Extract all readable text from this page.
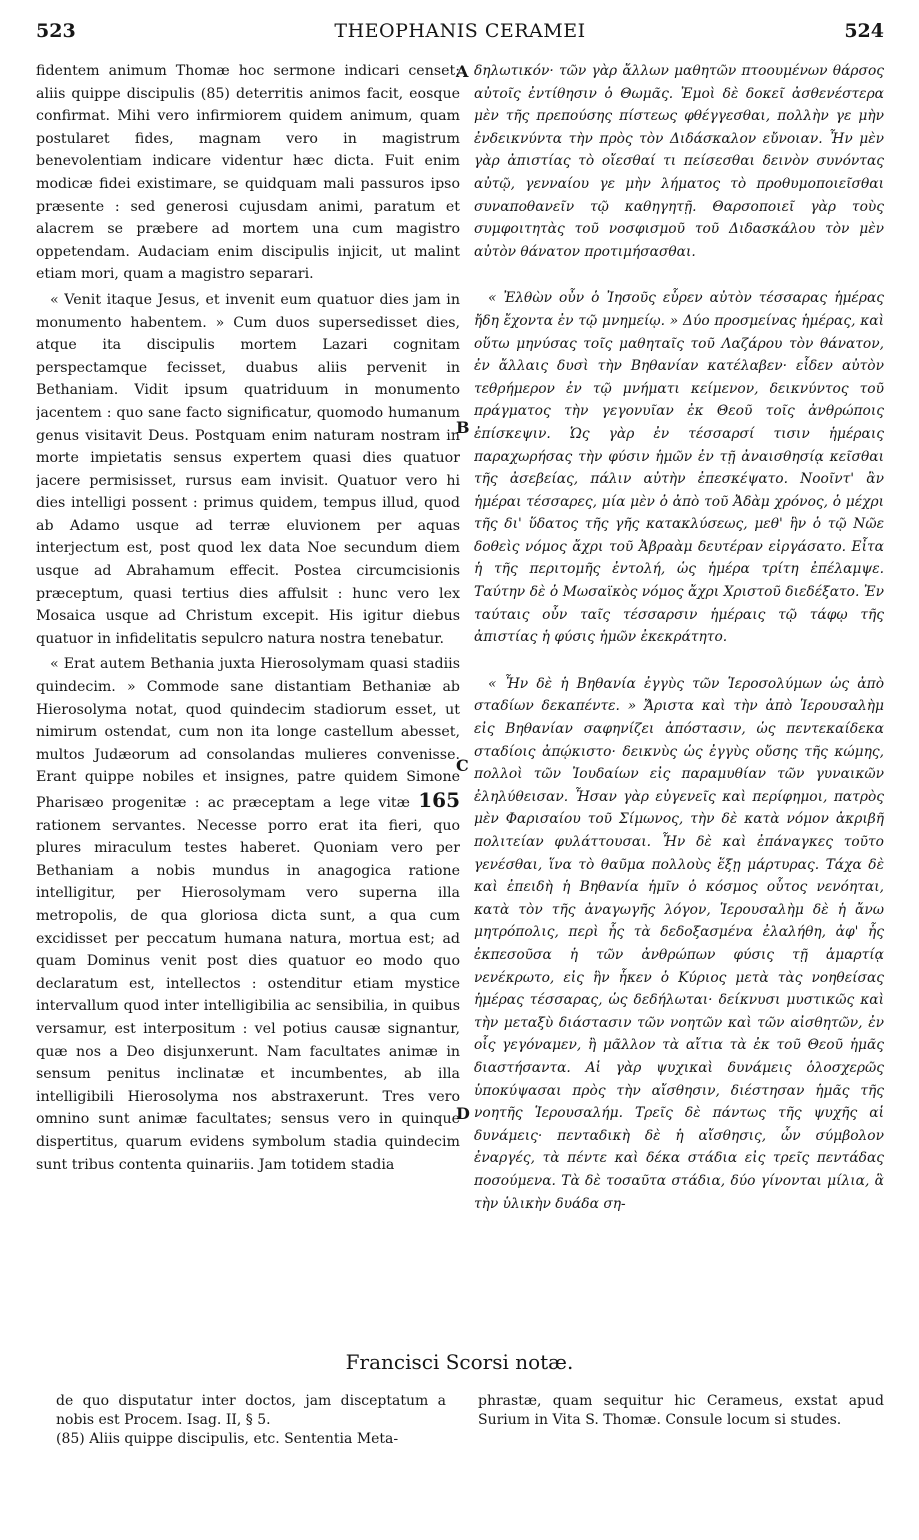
523	THEOPHANIS CERAMEI	524

fidentem animum Thomæ hoc sermone indicari censet; aliis quippe discipulis (85) deterritis animos facit, eosque confirmat. Mihi vero infirmiorem quidem animum, quam postularet fides, magnam vero in magistrum benevolentiam indicare videntur hæc dicta. Fuit enim modicæ fidei existimare, se quidquam mali passuros ipso præsente : sed generosi cujusdam animi, paratum et alacrem se præbere ad mortem una cum magistro oppetendam. Audaciam enim discipulis injicit, ut malint etiam mori, quam a magistro separari.

« Venit itaque Jesus, et invenit eum quatuor dies jam in monumento habentem. » Cum duos supersedisset dies, atque ita discipulis mortem Lazari cognitam perspectamque fecisset, duabus aliis pervenit in Bethaniam. Vidit ipsum quatriduum in monumento jacentem : quo sane facto significatur, quomodo humanum genus visitavit Deus. Postquam enim naturam nostram in morte impietatis sensus expertem quasi dies quatuor jacere permisisset, rursus eam invisit. Quatuor vero hi dies intelligi possent : primus quidem, tempus illud, quod ab Adamo usque ad terræ eluvionem per aquas interjectum est, post quod lex data Noe secundum diem usque ad Abrahamum effecit. Postea circumcisionis præceptum, quasi tertius dies affulsit : hunc vero lex Mosaica usque ad Christum excepit. His igitur diebus quatuor in infidelitatis sepulcro natura nostra tenebatur.

« Erat autem Bethania juxta Hierosolymam quasi stadiis quindecim. » Commode sane distantiam Bethaniæ ab Hierosolyma notat, quod quindecim stadiorum esset, ut nimirum ostendat, cum non ita longe castellum abesset, multos Judæorum ad consolandas mulieres convenisse. Erant quippe nobiles et insignes, patre quidem Simone Pharisæo progenitæ : ac præceptam a lege vitæ 165 rationem servantes. Necesse porro erat ita fieri, quo plures miraculum testes haberet. Quoniam vero per Bethaniam a nobis mundus in anagogica ratione intelligitur, per Hierosolymam vero superna illa metropolis, de qua gloriosa dicta sunt, a qua cum excidisset per peccatum humana natura, mortua est; ad quam Dominus venit post dies quatuor eo modo quo declaratum est, intellectos : ostenditur etiam mystice intervallum quod inter intelligibilia ac sensibilia, in quibus versamur, est interpositum : vel potius causæ signantur, quæ nos a Deo disjunxerunt. Nam facultates animæ in sensum penitus inclinatæ et incumbentes, ab illa intelligibili Hierosolyma nos abstraxerunt. Tres vero omnino sunt animæ facultates; sensus vero in quinque dispertitus, quarum evidens symbolum stadia quindecim sunt tribus contenta quinariis. Jam totidem stadia

A
B
C
D

δηλωτικόν· τῶν γὰρ ἄλλων μαθητῶν πτοουμένων θάρσος αὐτοῖς ἐντίθησιν ὁ Θωμᾶς. Ἐμοὶ δὲ δοκεῖ ἀσθενέστερα μὲν τῆς πρεπούσης πίστεως φθέγγεσθαι, πολλὴν γε μὴν ἐνδεικνύντα τὴν πρὸς τὸν Διδάσκαλον εὔνοιαν. Ἦν μὲν γὰρ ἀπιστίας τὸ οἴεσθαί τι πείσεσθαι δεινὸν συνόντας αὐτῷ, γενναίου γε μὴν λήματος τὸ προθυμοποιεῖσθαι συναποθανεῖν τῷ καθηγητῇ. Θαρσοποιεῖ γὰρ τοὺς συμφοιτητὰς τοῦ νοσφισμοῦ τοῦ Διδασκάλου τὸν μὲν αὐτὸν θάνατον προτιμήσασθαι.

« Ἐλθὼν οὖν ὁ Ἰησοῦς εὗρεν αὐτὸν τέσσαρας ἡμέρας ἤδη ἔχοντα ἐν τῷ μνημείῳ. » Δύο προσμείνας ἡμέρας, καὶ οὕτω μηνύσας τοῖς μαθηταῖς τοῦ Λαζάρου τὸν θάνατον, ἐν ἄλλαις δυσὶ τὴν Βηθανίαν κατέλαβεν· εἶδεν αὐτὸν τεθρήμερον ἐν τῷ μνήματι κείμενον, δεικνύντος τοῦ πράγματος τὴν γεγονυῖαν ἐκ Θεοῦ τοῖς ἀνθρώποις ἐπίσκεψιν. Ὡς γὰρ ἐν τέσσαρσί τισιν ἡμέραις παραχωρήσας τὴν φύσιν ἡμῶν ἐν τῇ ἀναισθησίᾳ κεῖσθαι τῆς ἀσεβείας, πάλιν αὐτὴν ἐπεσκέψατο. Νοοῖντ' ἂν ἡμέραι τέσσαρες, μία μὲν ὁ ἀπὸ τοῦ Ἀδὰμ χρόνος, ὁ μέχρι τῆς δι' ὕδατος τῆς γῆς κατακλύσεως, μεθ' ἣν ὁ τῷ Νῶε δοθεὶς νόμος ἄχρι τοῦ Ἀβραὰμ δευτέραν εἰργάσατο. Εἶτα ἡ τῆς περιτομῆς ἐντολή, ὡς ἡμέρα τρίτη ἐπέλαμψε. Ταύτην δὲ ὁ Μωσαϊκὸς νόμος ἄχρι Χριστοῦ διεδέξατο. Ἐν ταύταις οὖν ταῖς τέσσαρσιν ἡμέραις τῷ τάφῳ τῆς ἀπιστίας ἡ φύσις ἡμῶν ἐκεκράτητο.

« Ἦν δὲ ἡ Βηθανία ἐγγὺς τῶν Ἱεροσολύμων ὡς ἀπὸ σταδίων δεκαπέντε. » Ἄριστα καὶ τὴν ἀπὸ Ἱερουσαλὴμ εἰς Βηθανίαν σαφηνίζει ἀπόστασιν, ὡς πεντεκαίδεκα σταδίοις ἀπῴκιστο· δεικνὺς ὡς ἐγγὺς οὔσης τῆς κώμης, πολλοὶ τῶν Ἰουδαίων εἰς παραμυθίαν τῶν γυναικῶν ἐληλύθεισαν. Ἦσαν γὰρ εὐγενεῖς καὶ περίφημοι, πατρὸς μὲν Φαρισαίου τοῦ Σίμωνος, τὴν δὲ κατὰ νόμον ἀκριβῆ πολιτείαν φυλάττουσαι. Ἦν δὲ καὶ ἐπάναγκες τοῦτο γενέσθαι, ἵνα τὸ θαῦμα πολλοὺς ἕξῃ μάρτυρας. Τάχα δὲ καὶ ἐπειδὴ ἡ Βηθανία ἡμῖν ὁ κόσμος οὗτος νενόηται, κατὰ τὸν τῆς ἀναγωγῆς λόγον, Ἱερουσαλὴμ δὲ ἡ ἄνω μητρόπολις, περὶ ἧς τὰ δεδοξασμένα ἐλαλήθη, ἀφ' ἧς ἐκπεσοῦσα ἡ τῶν ἀνθρώπων φύσις τῇ ἁμαρτίᾳ νενέκρωτο, εἰς ἣν ἧκεν ὁ Κύριος μετὰ τὰς νοηθείσας ἡμέρας τέσσαρας, ὡς δεδήλωται· δείκνυσι μυστικῶς καὶ τὴν μεταξὺ διάστασιν τῶν νοητῶν καὶ τῶν αἰσθητῶν, ἐν οἷς γεγόναμεν, ἢ μᾶλλον τὰ αἴτια τὰ ἐκ τοῦ Θεοῦ ἡμᾶς διαστήσαντα. Αἱ γὰρ ψυχικαὶ δυνάμεις ὁλοσχερῶς ὑποκύψασαι πρὸς τὴν αἴσθησιν, διέστησαν ἡμᾶς τῆς νοητῆς Ἱερουσαλήμ. Τρεῖς δὲ πάντως τῆς ψυχῆς αἱ δυνάμεις· πενταδικὴ δὲ ἡ αἴσθησις, ὧν σύμβολον ἐναργές, τὰ πέντε καὶ δέκα στάδια εἰς τρεῖς πεντάδας ποσούμενα. Τὰ δὲ τοσαῦτα στάδια, δύο γίνονται μίλια, ἃ τὴν ὑλικὴν δυάδα ση-

Francisci Scorsi notæ.

de quo disputatur inter doctos, jam disceptatum a nobis est Procem. Isag. II, § 5.

(85) Aliis quippe discipulis, etc. Sententia Meta-

phrastæ, quam sequitur hic Cerameus, exstat apud Surium in Vita S. Thomæ. Consule locum si studes.
